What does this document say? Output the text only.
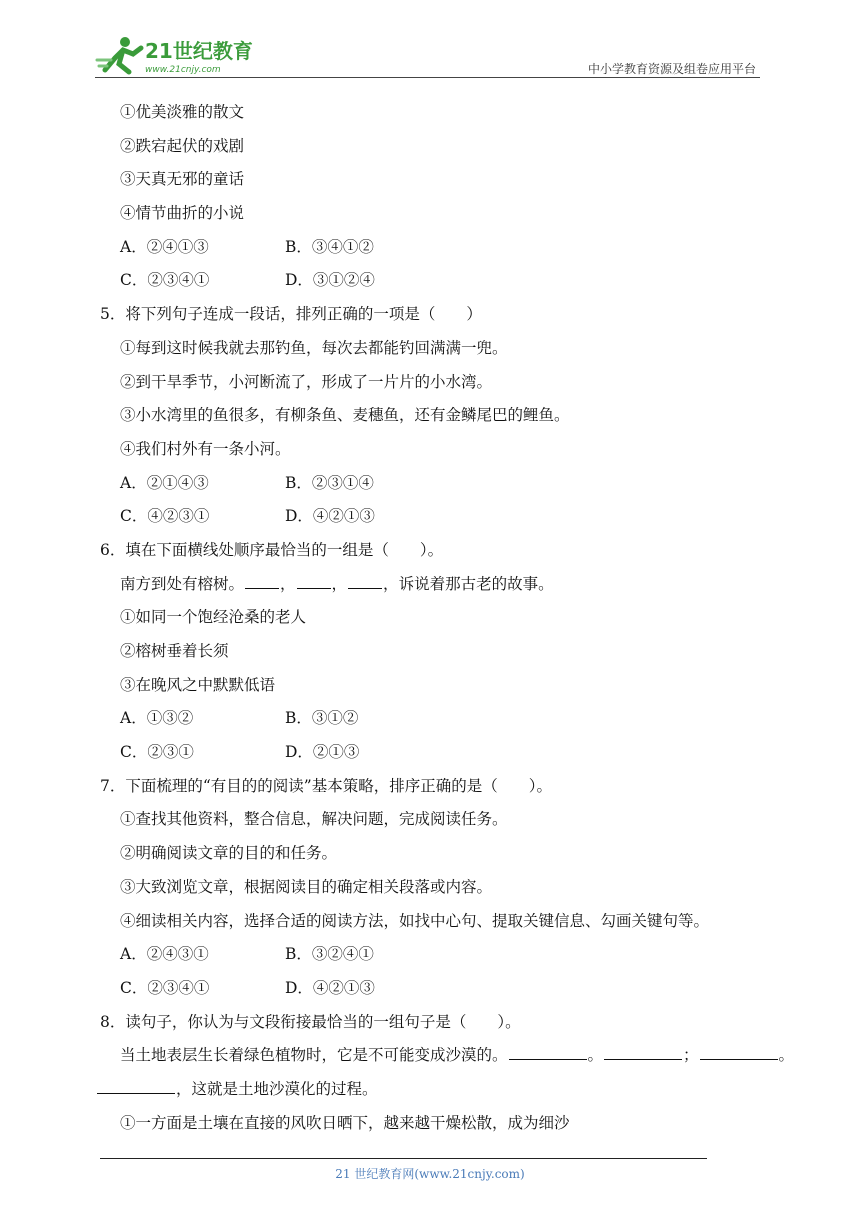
21世纪教育
www.21cnjy.com	中小学教育资源及组卷应用平台
①优美淡雅的散文
②跌宕起伏的戏剧
③天真无邪的童话
④情节曲折的小说
A．②④①③	B．③④①②
C．②③④①	D．③①②④
5．将下列句子连成一段话，排列正确的一项是（　　）
①每到这时候我就去那钓鱼，每次去都能钓回满满一兜。
②到干旱季节，小河断流了，形成了一片片的小水湾。
③小水湾里的鱼很多，有柳条鱼、麦穗鱼，还有金鳞尾巴的鲤鱼。
④我们村外有一条小河。
A．②①④③	B．②③①④
C．④②③①	D．④②①③
6．填在下面横线处顺序最恰当的一组是（　　）。
南方到处有榕树。 ， ， ，诉说着那古老的故事。
①如同一个饱经沧桑的老人
②榕树垂着长须
③在晚风之中默默低语
A．①③②	B．③①②
C．②③①	D．②①③
7．下面梳理的“有目的的阅读”基本策略，排序正确的是（　　）。
①查找其他资料，整合信息，解决问题，完成阅读任务。
②明确阅读文章的目的和任务。
③大致浏览文章，根据阅读目的确定相关段落或内容。
④细读相关内容，选择合适的阅读方法，如找中心句、提取关键信息、勾画关键句等。
A．②④③①	B．③②④①
C．②③④①	D．④②①③
8．读句子，你认为与文段衔接最恰当的一组句子是（　　）。
当土地表层生长着绿色植物时，它是不可能变成沙漠的。	。	；	。
，这就是土地沙漠化的过程。
①一方面是土壤在直接的风吹日晒下，越来越干燥松散，成为细沙
21 世纪教育网(www.21cnjy.com)
